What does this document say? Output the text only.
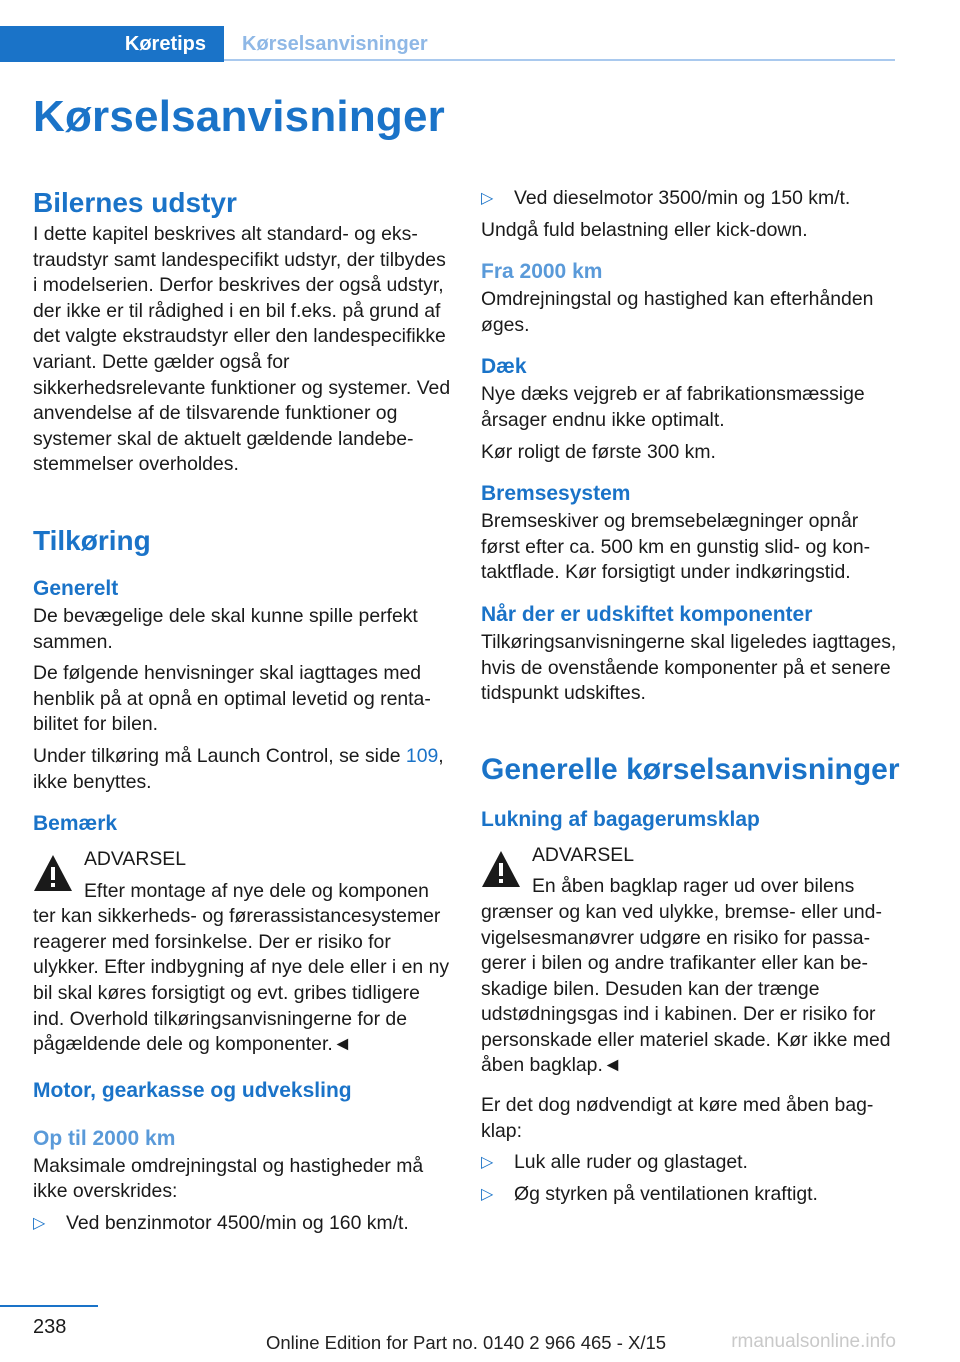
Køretips	Kørselsanvisninger
Kørselsanvisninger
Bilernes udstyr

I dette kapitel beskrives alt standard- og ekstraudstyr samt landespecifikt udstyr, der tilbydes i modelserien. Derfor beskrives der også udstyr, der ikke er til rådighed i en bil f.eks. på grund af det valgte ekstraudstyr eller den landespecifikke variant. Dette gælder også for sikkerhedsrelevante funktioner og systemer. Ved anvendelse af de tilsvarende funktioner og systemer skal de aktuelt gældende landebestemmelser overholdes.

Tilkøring
Generelt

De bevægelige dele skal kunne spille perfekt sammen.

De følgende henvisninger skal iagttages med henblik på at opnå en optimal levetid og rentabilitet for bilen.

Under tilkøring må Launch Control, se side 109, ikke benyttes.

Bemærk

ADVARSEL

Efter montage af nye dele og komponen

ter kan sikkerheds- og førerassistancesystemer reagerer med forsinkelse. Der er risiko for ulykker. Efter indbygning af nye dele eller i en ny bil skal køres forsigtigt og evt. gribes tidligere ind. Overhold tilkøringsanvisningerne for de pågældende dele og komponenter.◄

Motor, gearkasse og udveksling
Op til 2000 km

Maksimale omdrejningstal og hastigheder må ikke overskrides:

▷	Ved benzinmotor 4500/min og 160 km/t.
▷	Ved dieselmotor 3500/min og 150 km/t.

Undgå fuld belastning eller kick-down.

Fra 2000 km

Omdrejningstal og hastighed kan efterhånden øges.

Dæk

Nye dæks vejgreb er af fabrikationsmæssige årsager endnu ikke optimalt.

Kør roligt de første 300 km.

Bremsesystem

Bremseskiver og bremsebelægninger opnår først efter ca. 500 km en gunstig slid- og kontaktflade. Kør forsigtigt under indkøringstid.

Når der er udskiftet komponenter

Tilkøringsanvisningerne skal ligeledes iagttages, hvis de ovenstående komponenter på et senere tidspunkt udskiftes.

Generelle kørselsanvisninger
Lukning af bagagerumsklap

ADVARSEL

En åben bagklap rager ud over bilens

grænser og kan ved ulykke, bremse- eller undvigelsesmanøvrer udgøre en risiko for passagerer i bilen og andre trafikanter eller kan beskadige bilen. Desuden kan der trænge udstødningsgas ind i kabinen. Der er risiko for personskade eller materiel skade. Kør ikke med åben bagklap.◄

Er det dog nødvendigt at køre med åben bagklap:

▷	Luk alle ruder og glastaget.
▷	Øg styrken på ventilationen kraftigt.
238
Online Edition for Part no. 0140 2 966 465 - X/15	rmanualsonline.info
